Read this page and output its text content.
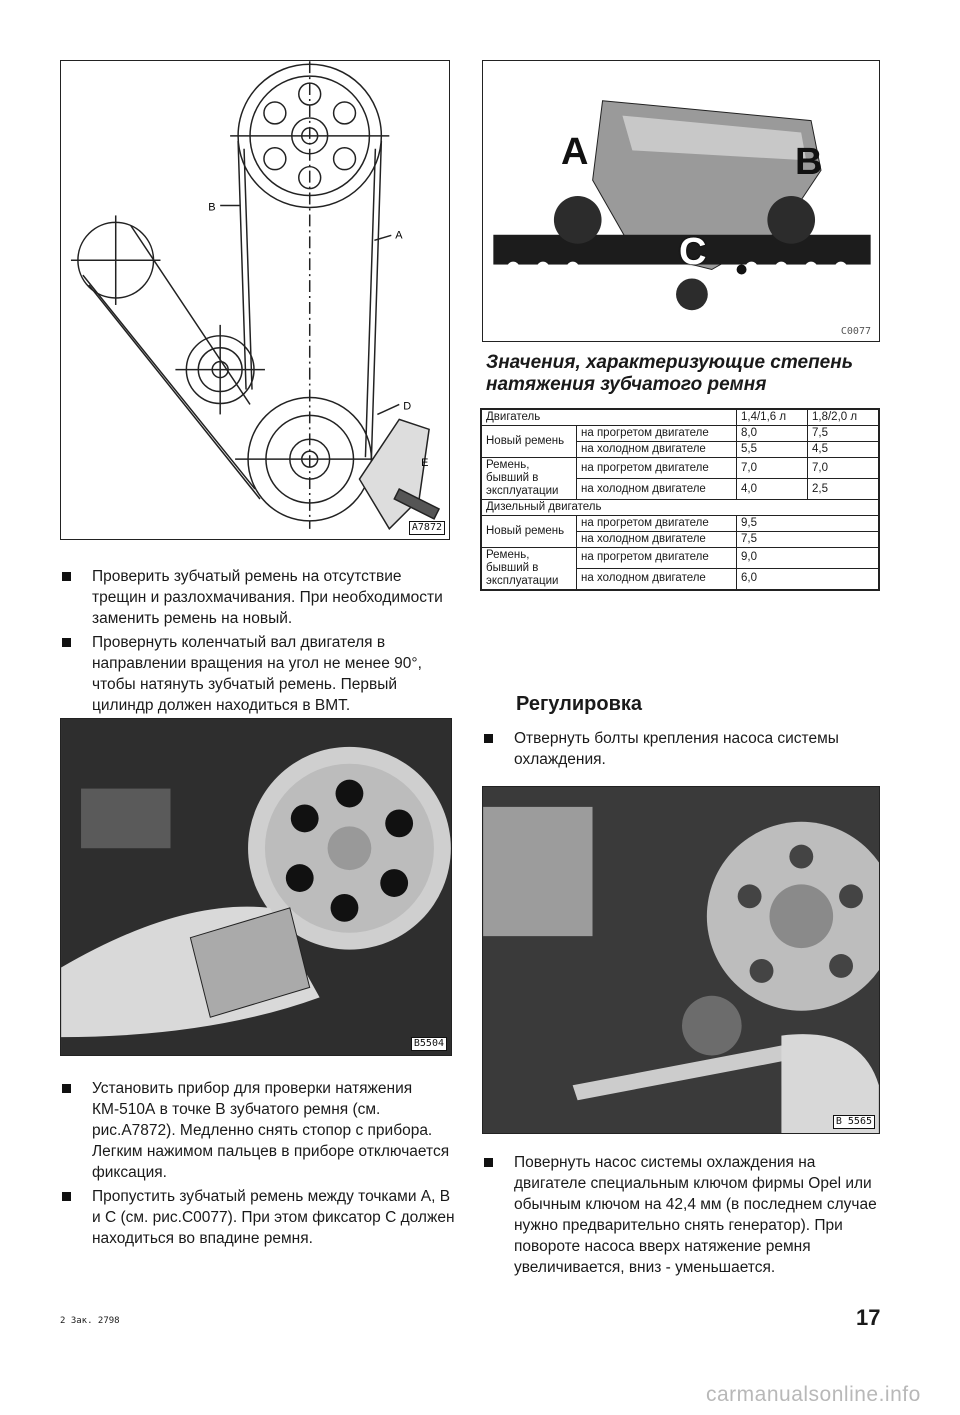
B
A
D
E
A7872
A	B
C
C0077
Проверить зубчатый ремень на отсутствие трещин и разлохмачивания. При необходимости заменить ремень на новый.
Провернуть коленчатый вал двигателя в направлении вращения на угол не менее 90°, чтобы натянуть зубчатый ремень. Первый цилиндр должен находиться в ВМТ.
B5504
Установить прибор для проверки натяжения КМ-510А в точке В зубчатого ремня (см. рис.А7872). Медленно снять стопор с прибора. Легким нажимом пальцев в приборе отключается фиксация.
Пропустить зубчатый ремень между точками А, В и С (см. рис.С0077). При этом фиксатор С должен находиться во впадине ремня.

Значения, характеризующие степень натяжения зубчатого ремня

Двигатель		1,4/1,6 л	1,8/2,0 л
Новый ремень	на прогретом двигателе	8,0	7,5
	на холодном двигателе	5,5	4,5
Ремень, бывший в эксплуатации	на прогретом двигателе	7,0	7,0
	на холодном двигателе	4,0	2,5
Дизельный двигатель			
Новый ремень	на прогретом двигателе	9,5	
	на холодном двигателе	7,5	
Ремень, бывший в эксплуатации	на прогретом двигателе	9,0	
	на холодном двигателе	6,0	
Регулировка
Отвернуть болты крепления насоса системы охлаждения.
B 5565
Повернуть насос системы охлаждения на двигателе специальным ключом фирмы Opel или обычным ключом на 42,4 мм (в последнем случае нужно предварительно снять генератор). При повороте насоса вверх натяжение ремня увеличивается, вниз - уменьшается.
2 Зак. 2798	17
carmanualsonline.info
